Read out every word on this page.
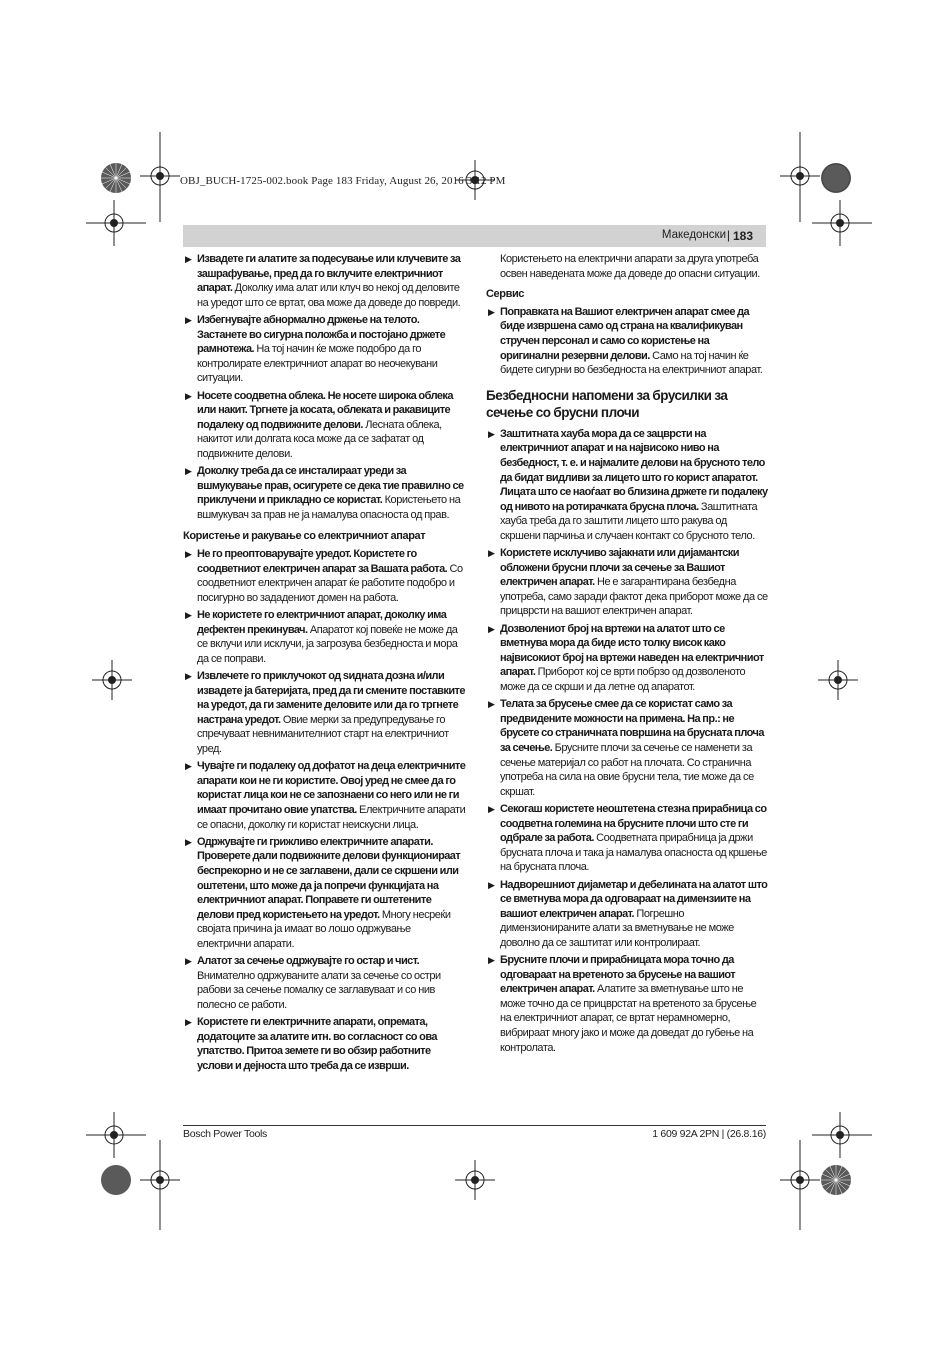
OBJ_BUCH-1725-002.book Page 183 Friday, August 26, 2016 3:12 PM
Македонски | 183
▶ Извадете ги алатите за подесување или клучевите за зашрафување, пред да го вклучите електричниот апарат. Доколку има алат или клуч во некој од деловите на уредот што се вртат, ова може да доведе до повреди.
▶ Избегнувајте абнормално држење на телото. Застанете во сигурна положба и постојано држете рамнотежа. На тој начин ќе може подобро да го контролирате електричниот апарат во неочекувани ситуации.
▶ Носете соодветна облека. Не носете широка облека или накит. Тргнете ја косата, облеката и ракавиците подалеку од подвижните делови. Лесната облека, накитот или долгата коса може да се зафатат од подвижните делови.
▶ Доколку треба да се инсталираат уреди за вшмукување прав, осигурете се дека тие правилно се приклучени и прикладно се користат. Користењето на вшмукувач за прав не ја намалува опасноста од прав.
Користење и ракување со електричниот апарат
▶ Не го преоптоварувајте уредот. Користете го соодветниот електричен апарат за Вашата работа. Со соодветниот електричен апарат ќе работите подобро и посигурно во зададениот домен на работа.
▶ Не користете го електричниот апарат, доколку има дефектен прекинувач. Апаратот кој повеќе не може да се вклучи или исклучи, ја загрозува безбедноста и мора да се поправи.
▶ Извлечете го приклучокот од ѕидната дозна и/или извадете ја батеријата, пред да ги смените поставките на уредот, да ги замените деловите или да го тргнете настрана уредот. Овие мерки за предупредување го спречуваат невниманителниот старт на електричниот уред.
▶ Чувајте ги подалеку од дофатот на деца електричните апарати кои не ги користите. Овој уред не смее да го користат лица кои не се запознаени со него или не ги имаат прочитано овие упатства. Електричните апарати се опасни, доколку ги користат неискусни лица.
▶ Одржувајте ги грижливо електричните апарати. Проверете дали подвижните делови функционираат беспрекорно и не се заглавени, дали се скршени или оштетени, што може да ја попречи функцијата на електричниот апарат. Поправете ги оштетените делови пред користењето на уредот. Многу несреќи својата причина ја имаат во лошо одржување електрични апарати.
▶ Алатот за сечење одржувајте го остар и чист. Внимателно одржуваните алати за сечење со остри рабови за сечење помалку се заглавуваат и со нив полесно се работи.
▶ Користете ги електричните апарати, опремата, додатоците за алатите итн. во согласност со ова упатство. Притоа земете ги во обзир работните услови и дејноста што треба да се изврши.
Користењето на електрични апарати за друга употреба освен наведената може да доведе до опасни ситуации.
Сервис
▶ Поправката на Вашиот електричен апарат смее да биде извршена само од страна на квалификуван стручен персонал и само со користење на оригинални резервни делови. Само на тој начин ќе бидете сигурни во безбедноста на електричниот апарат.
Безбедносни напомени за брусилки за сечење со брусни плочи
▶ Заштитната хауба мора да се зацврсти на електричниот апарат и на највисоко ниво на безбедност, т. е. и најмалите делови на брусното тело да бидат видливи за лицето што го корист апаратот. Лицата што се наоѓаат во близина држете ги подалеку од нивото на ротирачката брусна плоча. Заштитната хауба треба да го заштити лицето што ракува од скршени парчиња и случаен контакт со брусното тело.
▶ Користете исклучиво зајакнати или дијамантски обложени брусни плочи за сечење за Вашиот електричен апарат. Не е загарантирана безбедна употреба, само заради фактот дека приборот може да се прицврсти на вашиот електричен апарат.
▶ Дозволениот број на вртежи на алатот што се вметнува мора да биде исто толку висок како највисокиот број на вртежи наведен на електричниот апарат. Приборот кој се врти побрзо од дозволеното може да се скрши и да летне од апаратот.
▶ Телата за брусење смее да се користат само за предвидените можности на примена. На пр.: не брусете со страничната површина на брусната плоча за сечење. Брусните плочи за сечење се наменети за сечење материјал со работ на плочата. Со странична употреба на сила на овие брусни тела, тие може да се скршат.
▶ Секогаш користете неоштетена стезна прирабница со соодветна големина на брусните плочи што сте ги одбрале за работа. Соодветната прирабница ја држи брусната плоча и така ја намалува опасноста од кршење на брусната плоча.
▶ Надворешниот дијаметар и дебелината на алатот што се вметнува мора да одговараат на димензиите на вашиот електричен апарат. Погрешно димензионираните алати за вметнување не може доволно да се заштитат или контролираат.
▶ Брусните плочи и прирабницата мора точно да одговараат на вретеното за брусење на вашиот електричен апарат. Алатите за вметнување што не може точно да се прицврстат на вретеното за брусење на електричниот апарат, се вртат нерамномерно, вибрираат многу јако и може да доведат до губење на контролата.
Bosch Power Tools	1 609 92A 2PN | (26.8.16)
